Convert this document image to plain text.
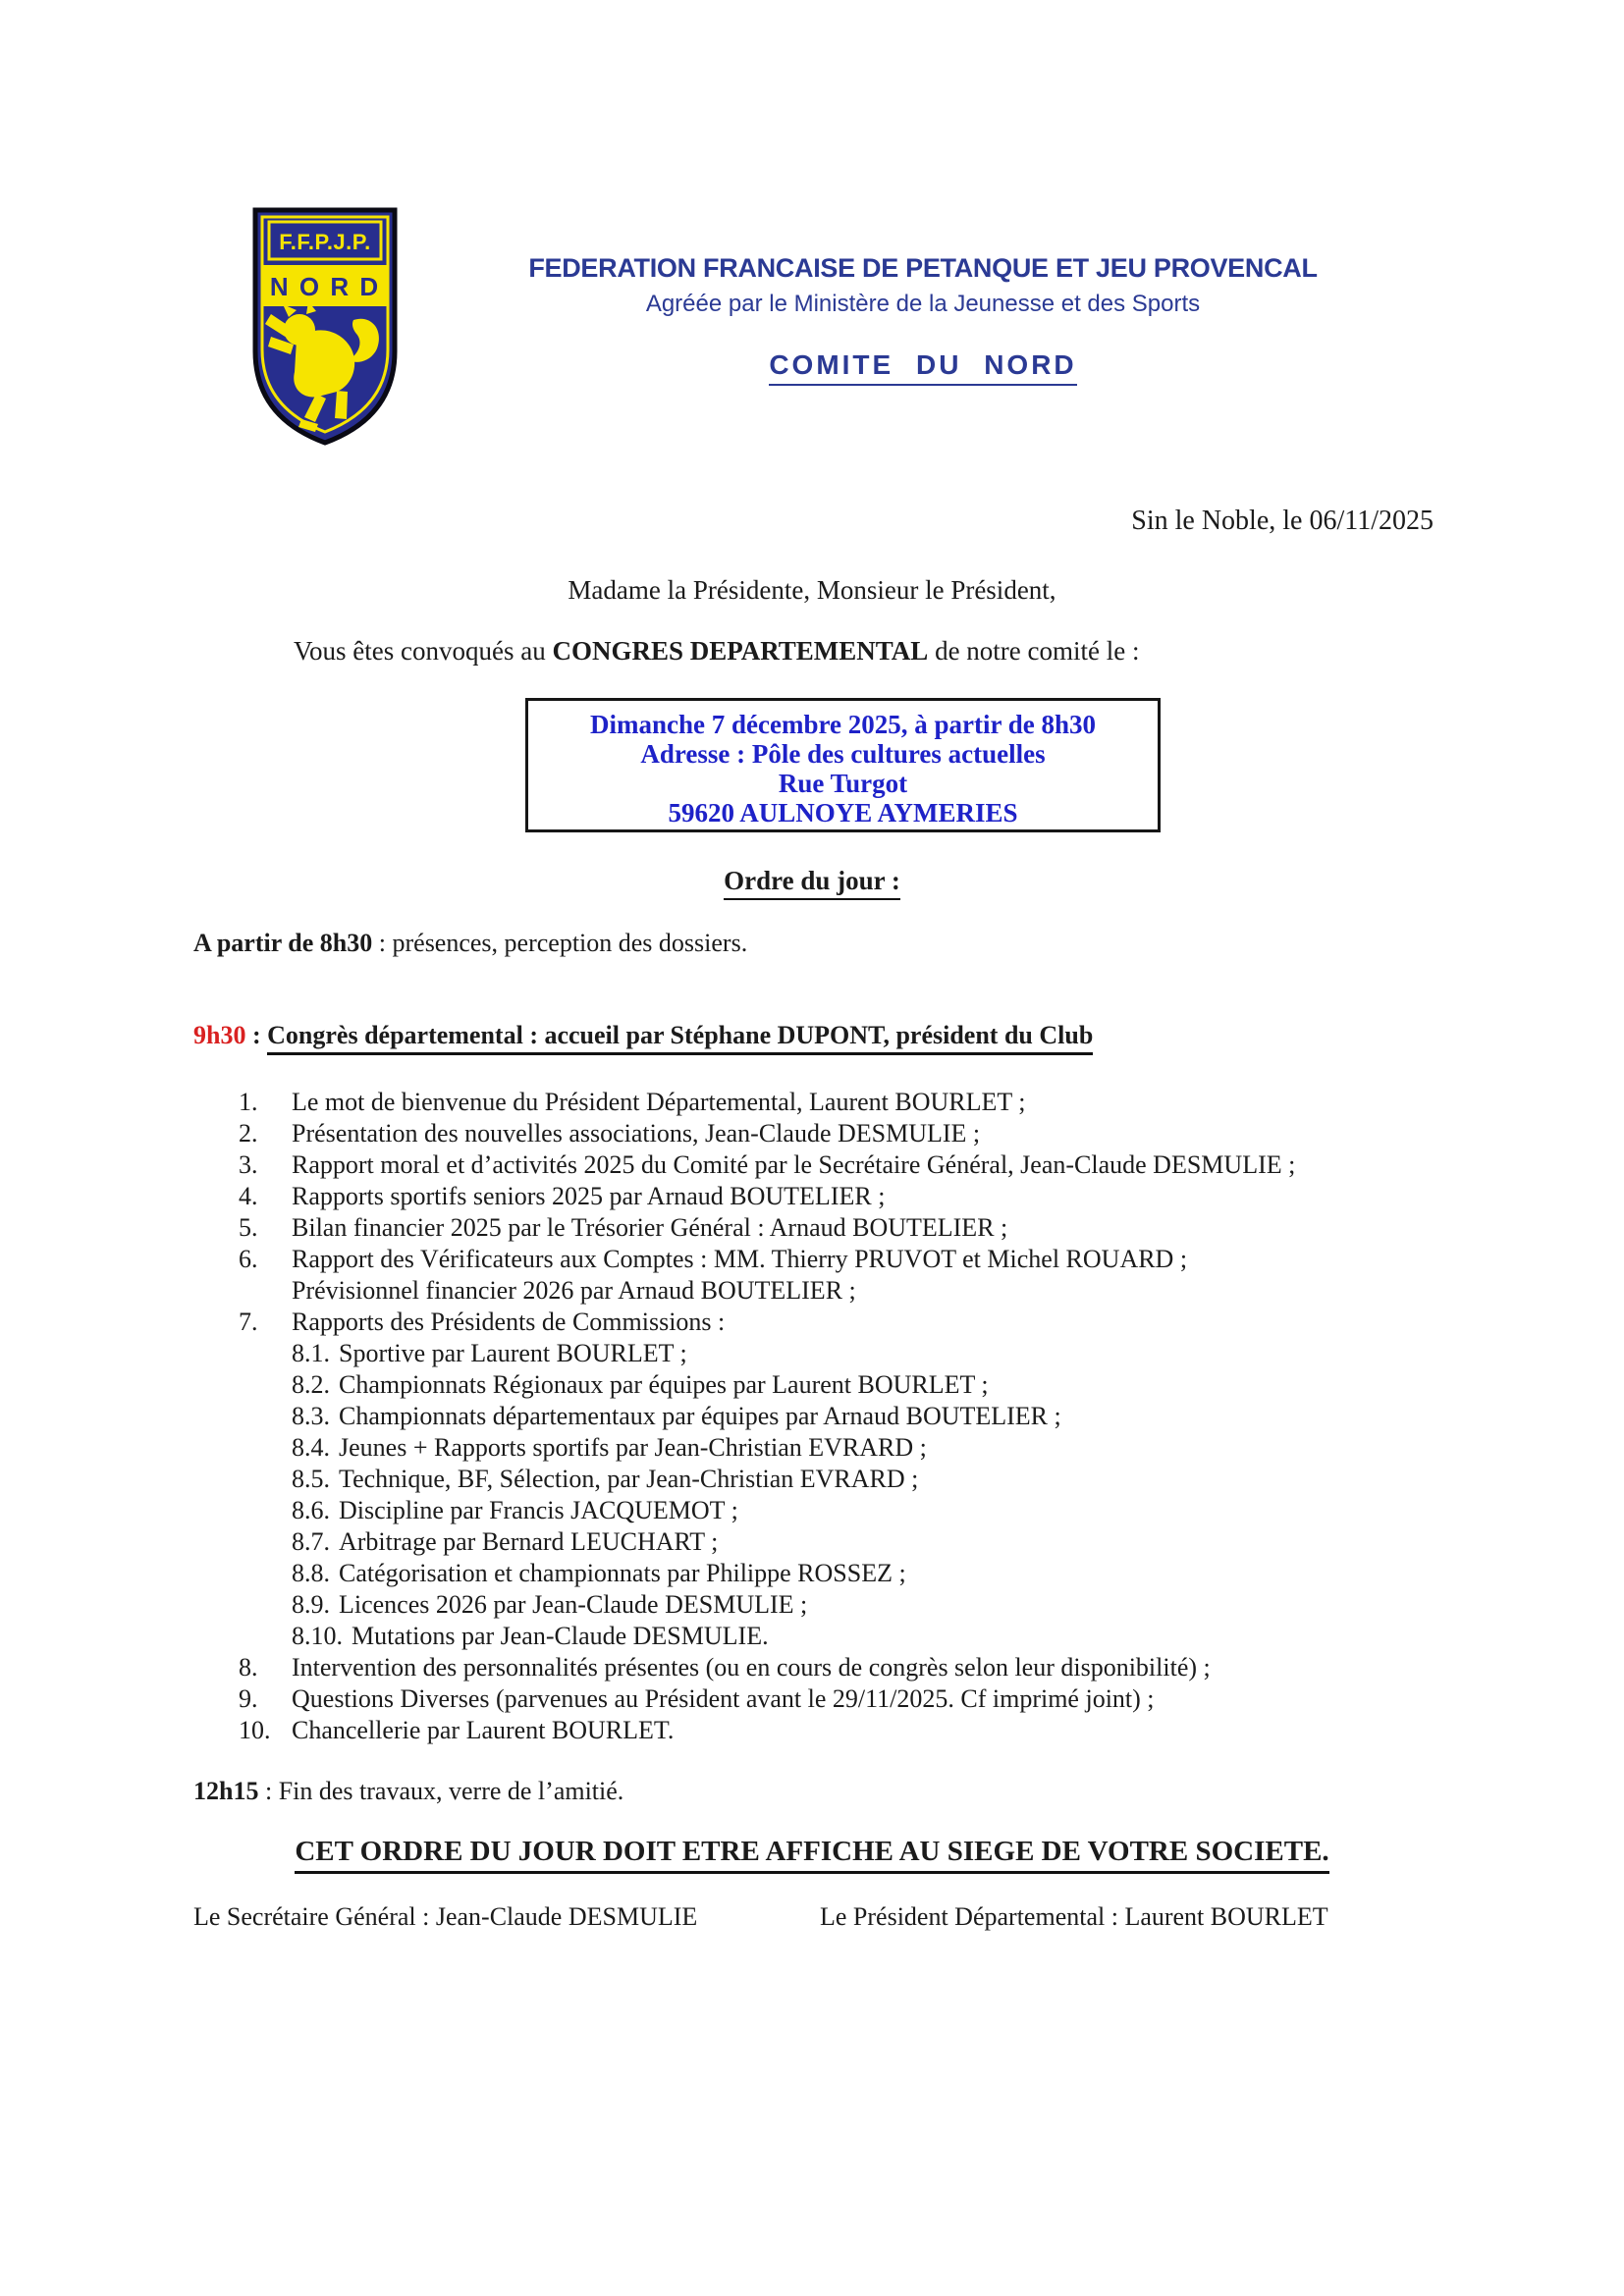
F.F.P.J.P.
N O R D
FEDERATION FRANCAISE DE PETANQUE ET JEU PROVENCAL
Agréée par le Ministère de la Jeunesse et des Sports
COMITE DU NORD
Sin le Noble, le 06/11/2025
Madame la Présidente, Monsieur le Président,
Vous êtes convoqués au CONGRES DEPARTEMENTAL de notre comité le :
Dimanche 7 décembre 2025, à partir de 8h30
Adresse : Pôle des cultures actuelles
Rue Turgot
59620 AULNOYE AYMERIES
Ordre du jour :
A partir de 8h30 : présences, perception des dossiers.
9h30 : Congrès départemental : accueil par Stéphane DUPONT, président du Club
1. Le mot de bienvenue du Président Départemental, Laurent BOURLET ;
2. Présentation des nouvelles associations, Jean-Claude DESMULIE ;
3. Rapport moral et d’activités 2025 du Comité par le Secrétaire Général, Jean-Claude DESMULIE ;
4. Rapports sportifs seniors 2025 par Arnaud BOUTELIER ;
5. Bilan financier 2025 par le Trésorier Général : Arnaud BOUTELIER ;
6. Rapport des Vérificateurs aux Comptes : MM. Thierry PRUVOT et Michel ROUARD ;
Prévisionnel financier 2026 par Arnaud BOUTELIER ;
7. Rapports des Présidents de Commissions :
8.1. Sportive par Laurent BOURLET ;
8.2. Championnats Régionaux par équipes par Laurent BOURLET ;
8.3. Championnats départementaux par équipes par Arnaud BOUTELIER ;
8.4. Jeunes + Rapports sportifs par Jean-Christian EVRARD ;
8.5. Technique, BF, Sélection, par Jean-Christian EVRARD ;
8.6. Discipline par Francis JACQUEMOT ;
8.7. Arbitrage par Bernard LEUCHART ;
8.8. Catégorisation et championnats par Philippe ROSSEZ ;
8.9. Licences 2026 par Jean-Claude DESMULIE ;
8.10. Mutations par Jean-Claude DESMULIE.
8. Intervention des personnalités présentes (ou en cours de congrès selon leur disponibilité) ;
9. Questions Diverses (parvenues au Président avant le 29/11/2025. Cf imprimé joint) ;
10. Chancellerie par Laurent BOURLET.
12h15 : Fin des travaux, verre de l’amitié.
CET ORDRE DU JOUR DOIT ETRE AFFICHE AU SIEGE DE VOTRE SOCIETE.
Le Secrétaire Général : Jean-Claude DESMULIE	Le Président Départemental : Laurent BOURLET
